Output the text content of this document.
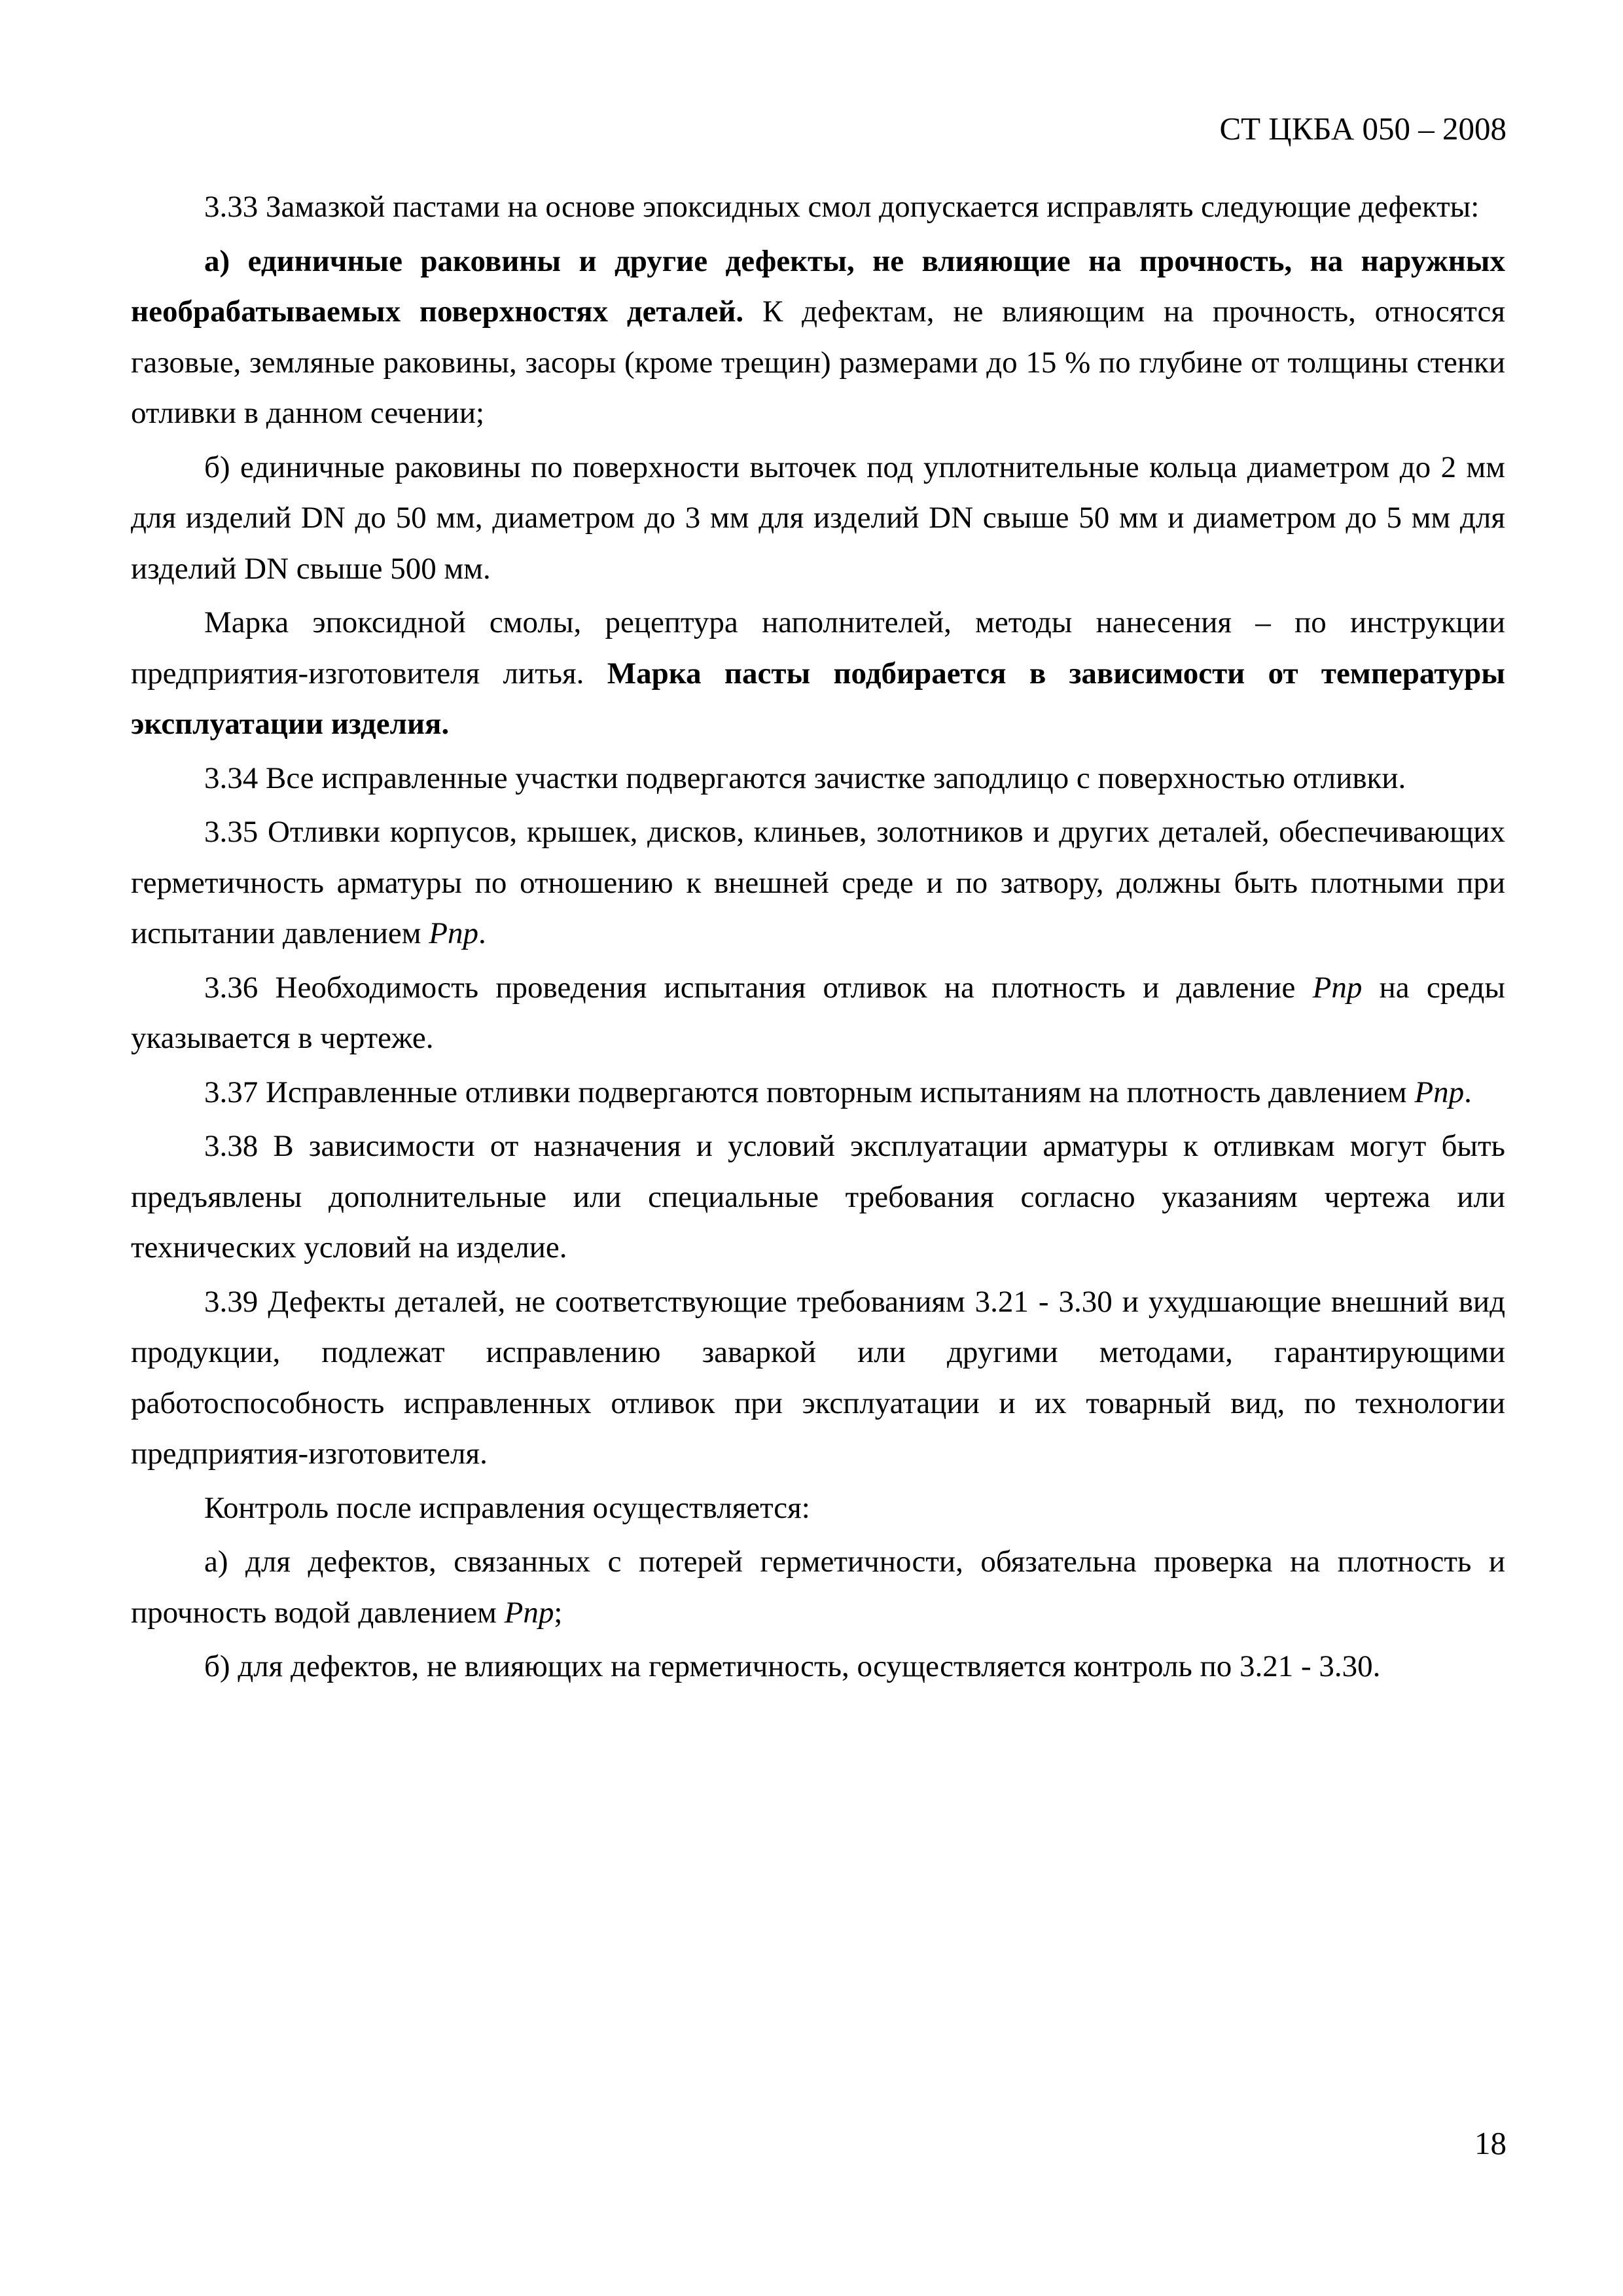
СТ ЦКБА 050 – 2008

3.33 Замазкой пастами на основе эпоксидных смол допускается исправлять следующие дефекты:

а) единичные раковины и другие дефекты, не влияющие на прочность, на наружных необрабатываемых поверхностях деталей. К дефектам, не влияющим на прочность, относятся газовые, земляные раковины, засоры (кроме трещин) размерами до 15 % по глубине от толщины стенки отливки в данном сечении;

б) единичные раковины по поверхности выточек под уплотнительные кольца диаметром до 2 мм для изделий DN до 50 мм, диаметром до 3 мм для изделий DN свыше 50 мм и диаметром до 5 мм для изделий DN свыше 500 мм.

Марка эпоксидной смолы, рецептура наполнителей, методы нанесения – по инструкции предприятия-изготовителя литья. Марка пасты подбирается в зависимости от температуры эксплуатации изделия.

3.34 Все исправленные участки подвергаются зачистке заподлицо с поверхностью отливки.

3.35 Отливки корпусов, крышек, дисков, клиньев, золотников и других деталей, обеспечивающих герметичность арматуры по отношению к внешней среде и по затвору, должны быть плотными при испытании давлением Pпр.

3.36 Необходимость проведения испытания отливок на плотность и давление Pпр на среды указывается в чертеже.

3.37 Исправленные отливки подвергаются повторным испытаниям на плотность давлением Pпр.

3.38 В зависимости от назначения и условий эксплуатации арматуры к отливкам могут быть предъявлены дополнительные или специальные требования согласно указаниям чертежа или технических условий на изделие.

3.39 Дефекты деталей, не соответствующие требованиям 3.21 - 3.30 и ухудшающие внешний вид продукции, подлежат исправлению заваркой или другими методами, гарантирующими работоспособность исправленных отливок при эксплуатации и их товарный вид, по технологии предприятия-изготовителя.

Контроль после исправления осуществляется:

а) для дефектов, связанных с потерей герметичности, обязательна проверка на плотность и прочность водой давлением Pпр;

б) для дефектов, не влияющих на герметичность, осуществляется контроль по 3.21 - 3.30.

18
